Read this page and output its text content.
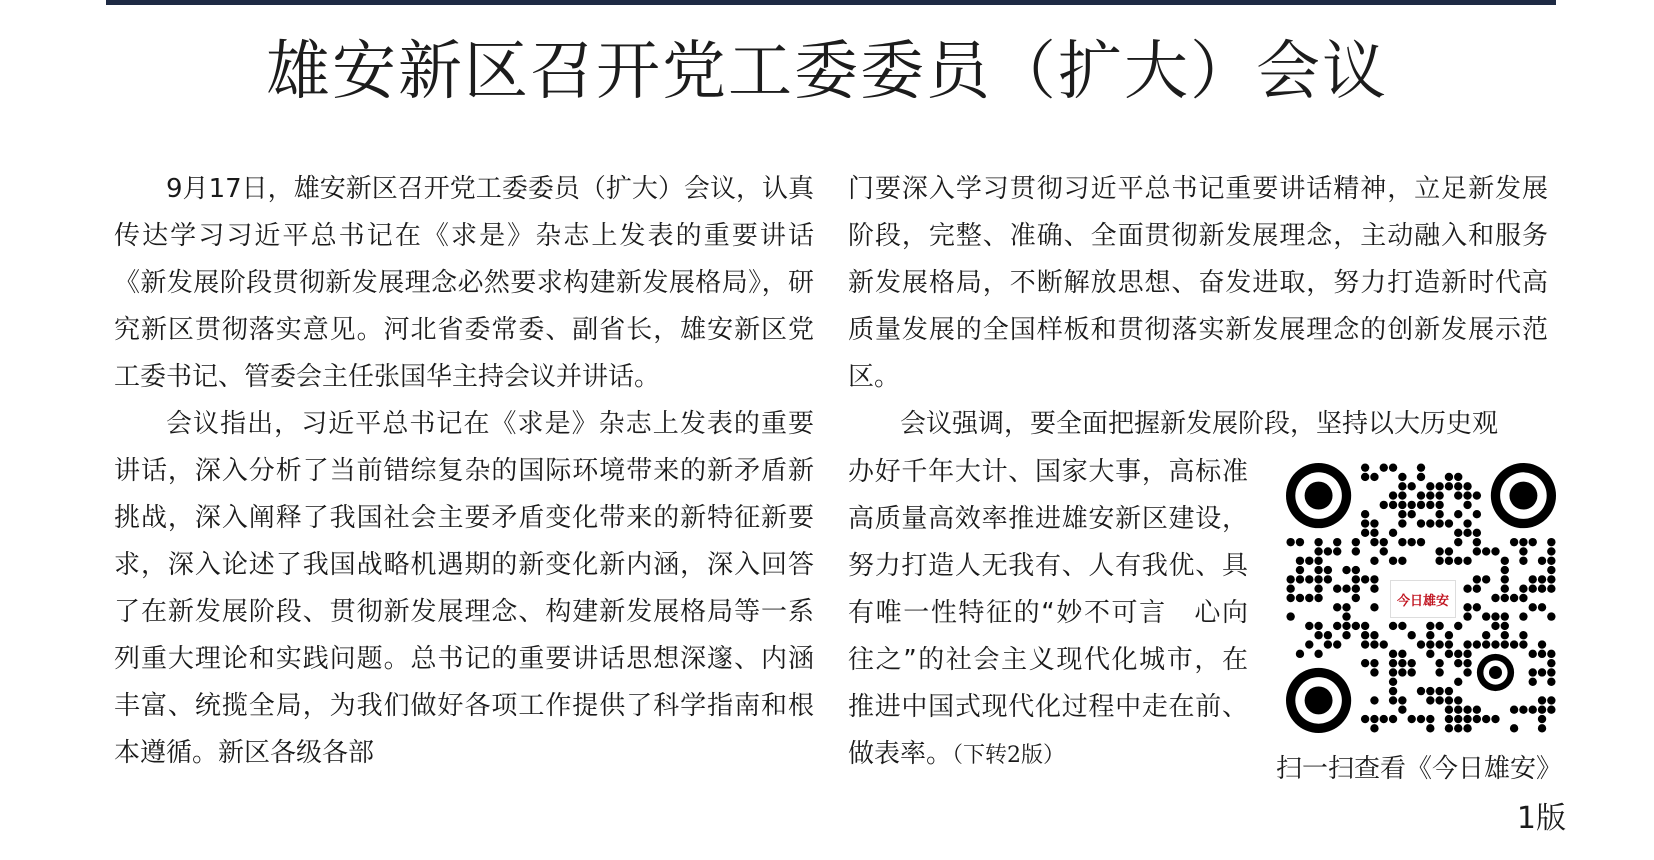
雄安新区召开党工委委员（扩大）会议

9月17日，雄安新区召开党工委委员（扩大）会议，认真传达学习习近平总书记在《求是》杂志上发表的重要讲话《新发展阶段贯彻新发展理念必然要求构建新发展格局》，研究新区贯彻落实意见。河北省委常委、副省长，雄安新区党工委书记、管委会主任张国华主持会议并讲话。

会议指出，习近平总书记在《求是》杂志上发表的重要讲话，深入分析了当前错综复杂的国际环境带来的新矛盾新挑战，深入阐释了我国社会主要矛盾变化带来的新特征新要求，深入论述了我国战略机遇期的新变化新内涵，深入回答了在新发展阶段、贯彻新发展理念、构建新发展格局等一系列重大理论和实践问题。总书记的重要讲话思想深邃、内涵丰富、统揽全局，为我们做好各项工作提供了科学指南和根本遵循。新区各级各部

门要深入学习贯彻习近平总书记重要讲话精神，立足新发展阶段，完整、准确、全面贯彻新发展理念，主动融入和服务新发展格局，不断解放思想、奋发进取，努力打造新时代高质量发展的全国样板和贯彻落实新发展理念的创新发展示范区。

会议强调，要全面把握新发展阶段，坚持以大历史观

办好千年大计、国家大事，高标准高质量高效率推进雄安新区建设，努力打造人无我有、人有我优、具有唯一性特征的“妙不可言　心向往之”的社会主义现代化城市，在推进中国式现代化过程中走在前、做表率。（下转2版）

今日雄安
扫一扫查看《今日雄安》
1版
